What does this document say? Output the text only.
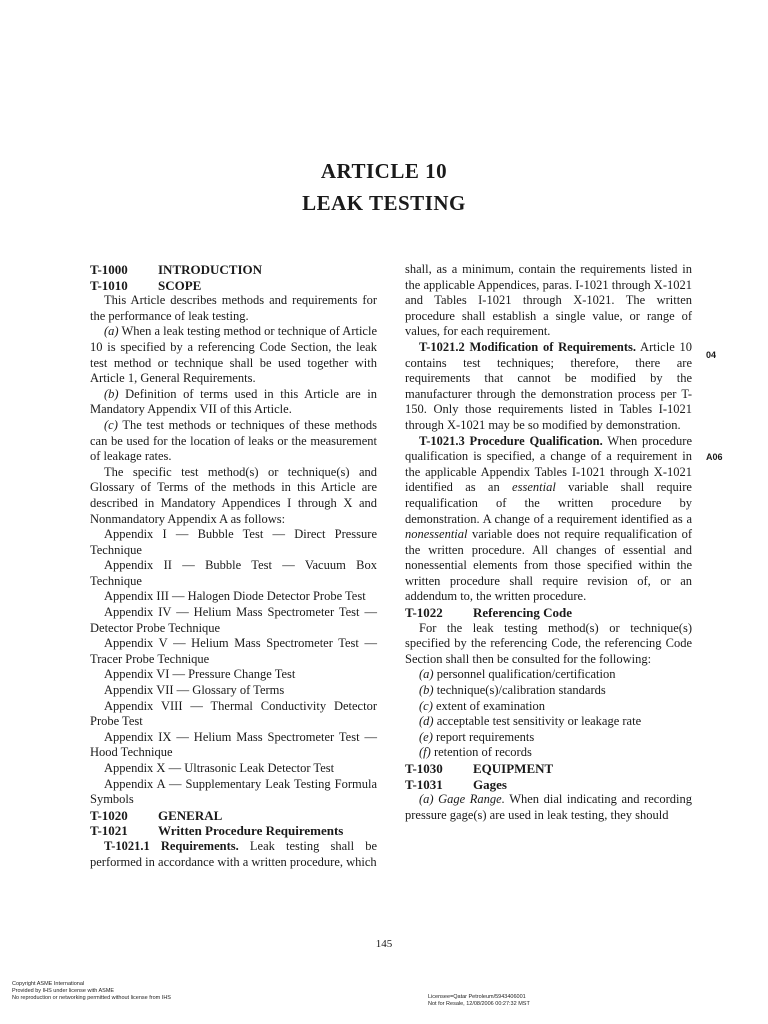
ARTICLE 10
LEAK TESTING

T-1000 INTRODUCTION

T-1010 SCOPE

This Article describes methods and requirements for the performance of leak testing.

(a) When a leak testing method or technique of Article 10 is specified by a referencing Code Section, the leak test method or technique shall be used together with Article 1, General Requirements.

(b) Definition of terms used in this Article are in Mandatory Appendix VII of this Article.

(c) The test methods or techniques of these methods can be used for the location of leaks or the measurement of leakage rates.

The specific test method(s) or technique(s) and Glossary of Terms of the methods in this Article are described in Mandatory Appendices I through X and Nonmandatory Appendix A as follows:

Appendix I — Bubble Test — Direct Pressure Technique

Appendix II — Bubble Test — Vacuum Box Technique

Appendix III — Halogen Diode Detector Probe Test

Appendix IV — Helium Mass Spectrometer Test — Detector Probe Technique

Appendix V — Helium Mass Spectrometer Test — Tracer Probe Technique

Appendix VI — Pressure Change Test

Appendix VII — Glossary of Terms

Appendix VIII — Thermal Conductivity Detector Probe Test

Appendix IX — Helium Mass Spectrometer Test — Hood Technique

Appendix X — Ultrasonic Leak Detector Test

Appendix A — Supplementary Leak Testing Formula Symbols

T-1020 GENERAL

T-1021 Written Procedure Requirements

T-1021.1 Requirements. Leak testing shall be performed in accordance with a written procedure, which

shall, as a minimum, contain the requirements listed in the applicable Appendices, paras. I-1021 through X-1021 and Tables I-1021 through X-1021. The written procedure shall establish a single value, or range of values, for each requirement.

T-1021.2 Modification of Requirements. Article 10 contains test techniques; therefore, there are requirements that cannot be modified by the manufacturer through the demonstration process per T-150. Only those requirements listed in Tables I-1021 through X-1021 may be so modified by demonstration.

T-1021.3 Procedure Qualification. When procedure qualification is specified, a change of a requirement in the applicable Appendix Tables I-1021 through X-1021 identified as an essential variable shall require requalification of the written procedure by demonstration. A change of a requirement identified as a nonessential variable does not require requalification of the written procedure. All changes of essential and nonessential elements from those specified within the written procedure shall require revision of, or an addendum to, the written procedure.

T-1022 Referencing Code

For the leak testing method(s) or technique(s) specified by the referencing Code, the referencing Code Section shall then be consulted for the following:

(a) personnel qualification/certification

(b) technique(s)/calibration standards

(c) extent of examination

(d) acceptable test sensitivity or leakage rate

(e) report requirements

(f) retention of records

T-1030 EQUIPMENT

T-1031 Gages

(a) Gage Range. When dial indicating and recording pressure gage(s) are used in leak testing, they should

04
A06
145
Copyright ASME International
Provided by IHS under license with ASME
No reproduction or networking permitted without license from IHS	Licensee=Qatar Petroleum/5943406001
Not for Resale, 12/08/2006 00:27:32 MST
